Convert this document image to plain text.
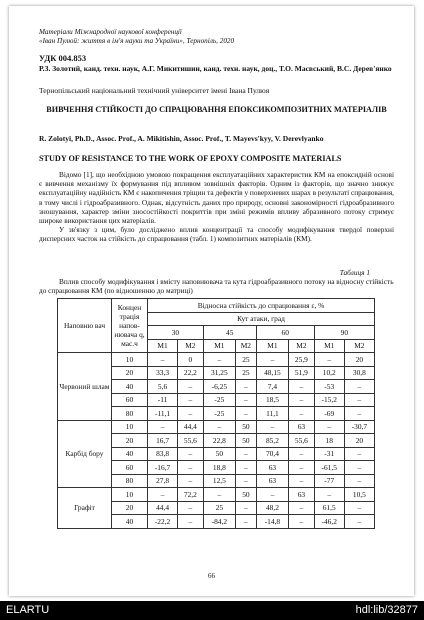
Матеріали Міжнародної наукової конференції
«Іван Пулюй: життя в ім'я науки та України», Тернопіль, 2020
УДК 004.853
Р.З. Золотий, канд. техн. наук, А.Г. Микитишин, канд. техн. наук, доц., Т.О. Масвський, В.С. Дерев'янко
Тернопільський національний технічний університет імені Івана Пулюя
ВИВЧЕННЯ СТІЙКОСТІ ДО СПРАЦЮВАННЯ ЕПОКСИКОМПОЗИТНИХ МАТЕРІАЛІВ
R. Zolotyi, Ph.D., Assoc. Prof., A. Mikitishin, Assoc. Prof., T. Mayevs'kyy, V. Derevlyanko
STUDY OF RESISTANCE TO THE WORK OF EPOXY COMPOSITE MATERIALS

Відомо [1], що необхідною умовою покращення експлуатаційних характеристик КМ на епоксидній основі є вивчення механізму їх формування під впливом зовнішніх факторів. Одним із факторів, що значно знижує експлуатаційну надійність КМ є накопичення тріщин та дефектів у поверхневих шарах в результаті спрацювання, в тому числі і гідроабразивного. Однак, відсутність даних про природу, основні закономірності гідроабразивного зношування, характер зміни зносостійкості покриттів при зміні режимів впливу абразивного потоку стримує широке використання цих матеріалів.

У зв'язку з цим, було досліджено вплив концентрації та способу модифікування твердої поверхні дисперсних часток на стійкість до спрацювання (табл. 1) композитних матеріалів (КМ).

Таблиця 1
Вплив способу модифікування і вмісту наповнювача та кута гідроабразивного потоку на відносну стійкість до спрацювання КМ (по відношенню до матриці)
Наповню вач	Концен трація напов- нювача q, мас.ч	Відносна стійкість до спрацювання ε, %							
		Кут атаки, град							
		30		45		60		90	
		M1	M2	M1	M2	M1	M2	M1	M2
Червоний шлам	10	–	0	–	25	–	25,9	–	20
	20	33,3	22,2	31,25	25	48,15	51,9	10,2	30,8
	40	5,6	–	-6,25	–	7,4	–	-53	–
	60	-11	–	-25	–	18,5	–	-15,2	–
	80	-11,1	–	-25	–	11,1	–	-69	–
Карбід бору	10	–	44,4	–	50	–	63	–	-30,7
	20	16,7	55,6	22,8	50	85,2	55,6	18	20
	40	83,8	–	50	–	70,4	–	-31	–
	60	-16,7	–	18,8	–	63	–	-61,5	–
	80	27,8	–	12,5	–	63	–	-77	–
Графіт	10	–	72,2	–	50	–	63	–	10,5
	20	44,4	–	25	–	48,2	–	61,5	–
	40	-22,2	–	-84,2	–	-14,8	–	-46,2	–
66
ELARTU	hdl:lib/32877
